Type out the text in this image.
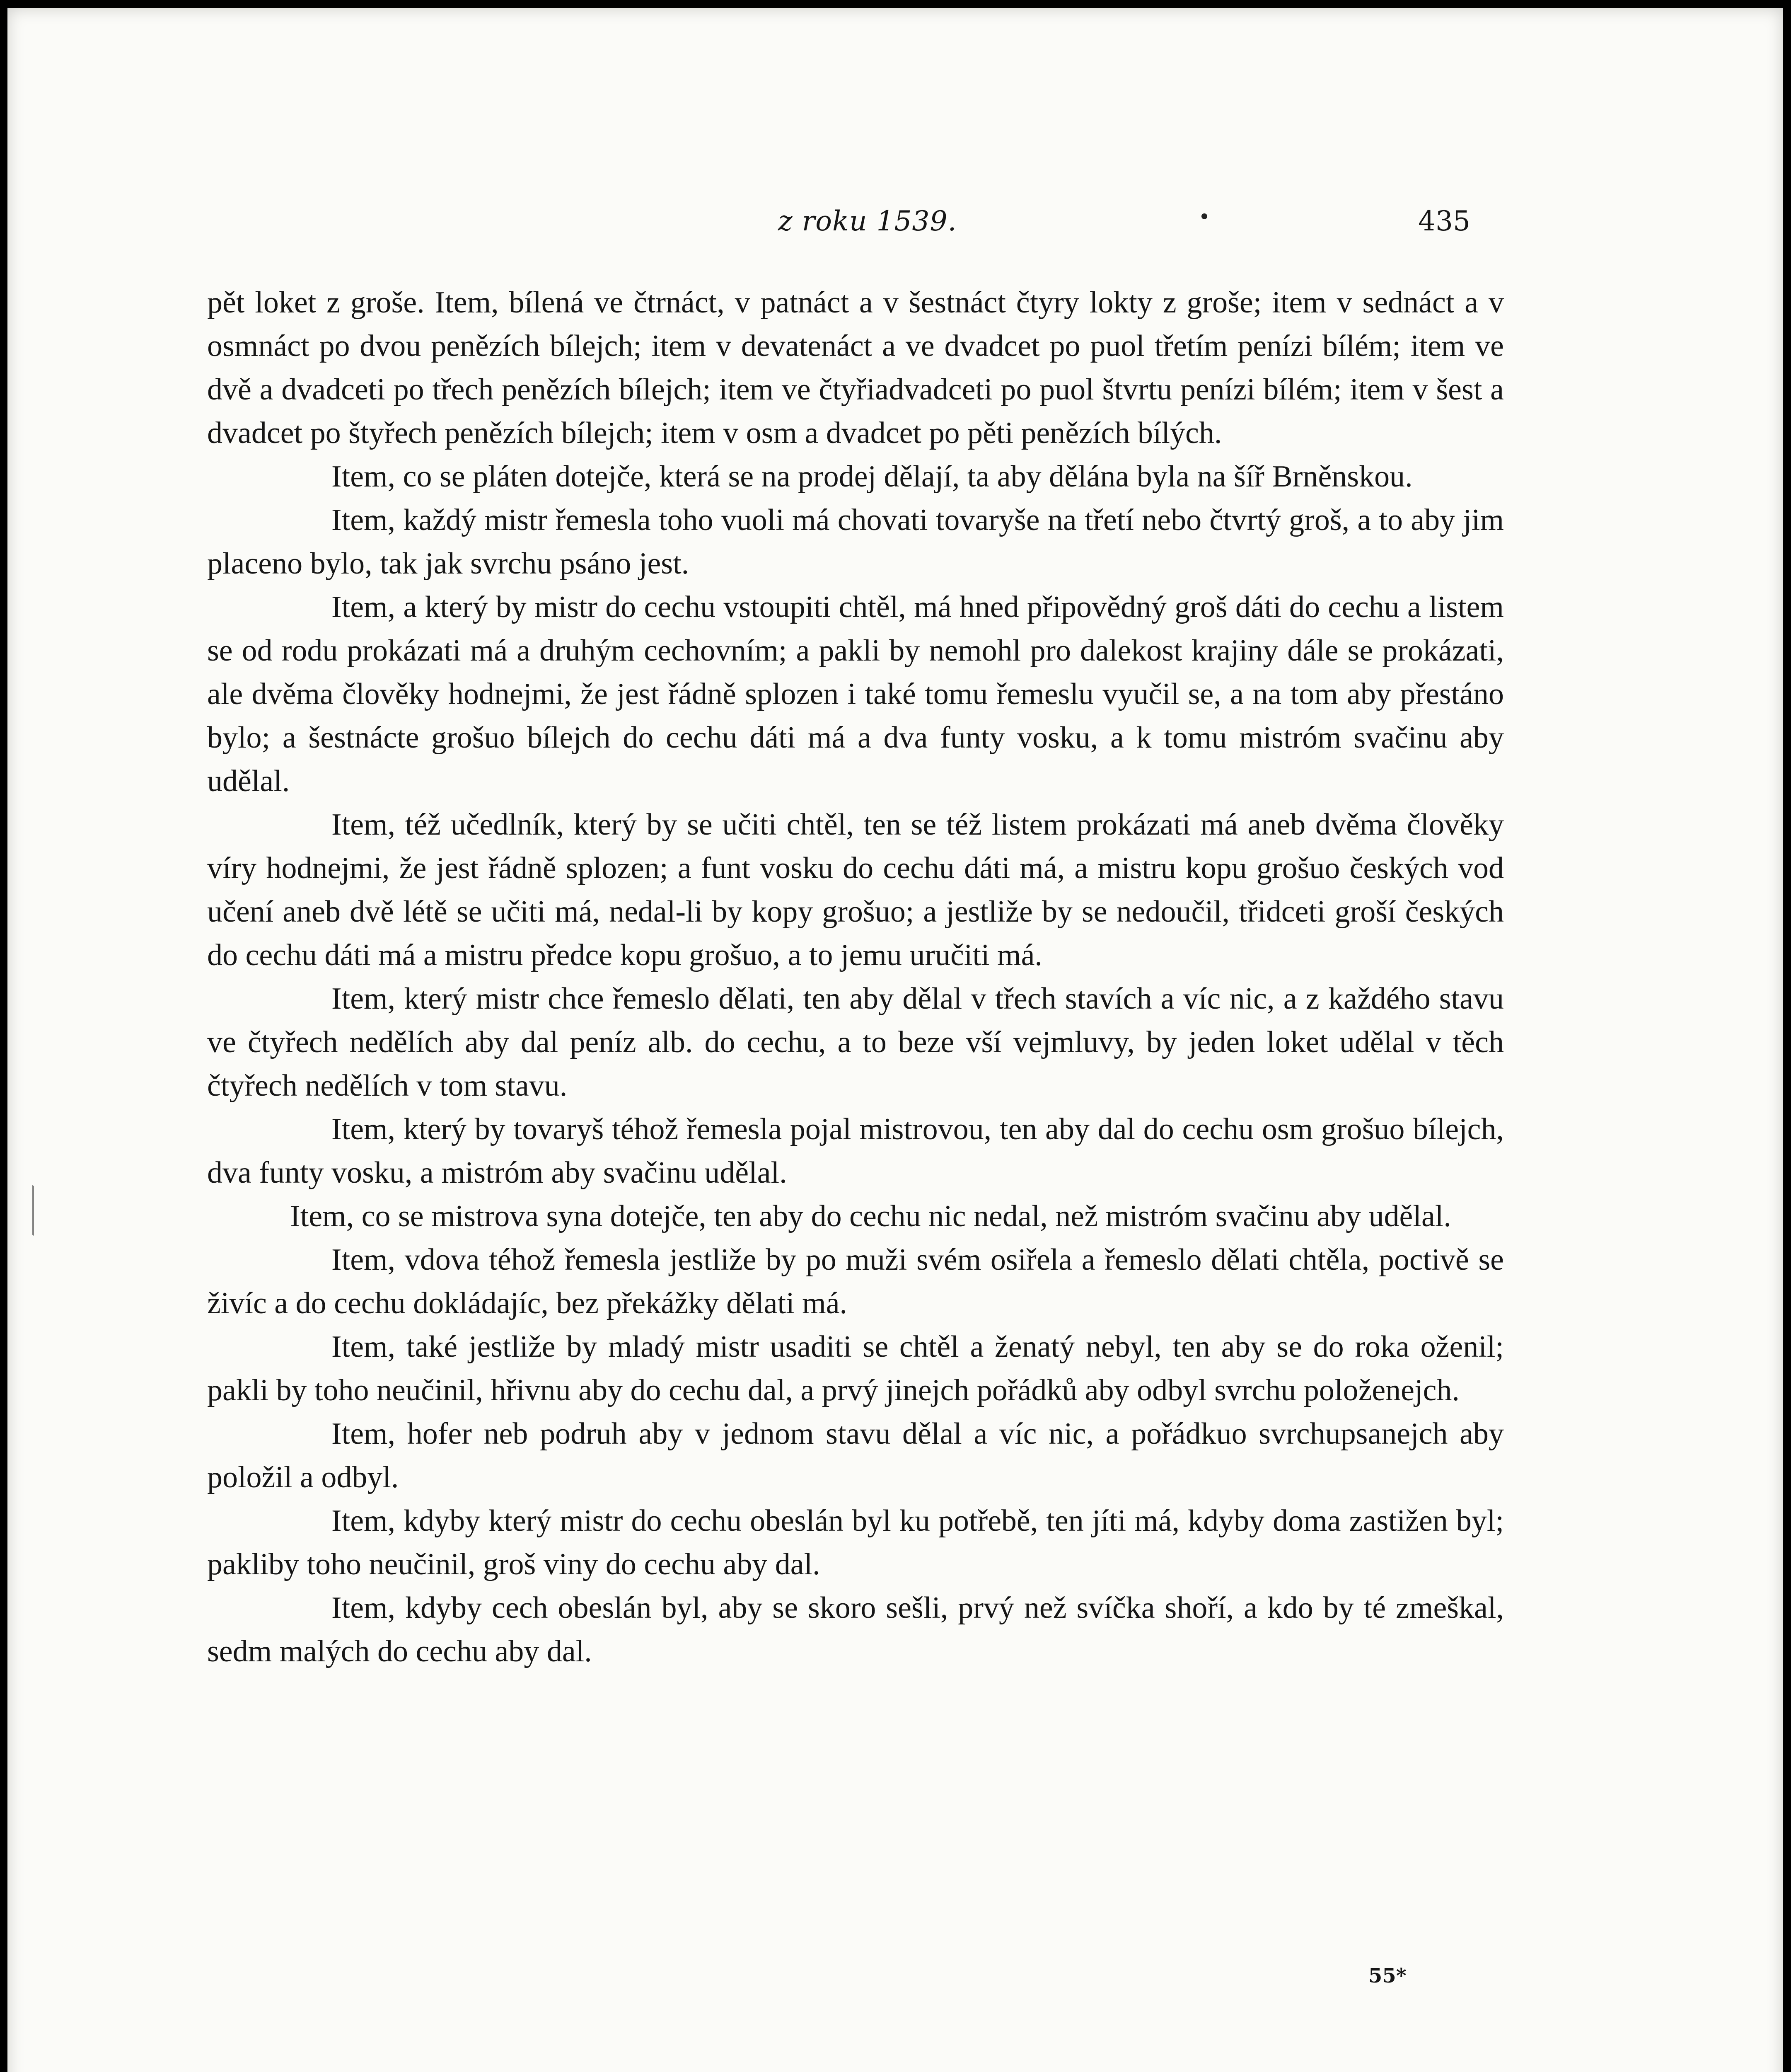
z roku 1539.	435

pět loket z groše. Item, bílená ve čtrnáct, v patnáct a v šestnáct čtyry lokty z groše; item v sednáct a v osmnáct po dvou penězích bílejch; item v devatenáct a ve dvadcet po puol třetím penízi bílém; item ve dvě a dvadceti po třech penězích bílejch; item ve čtyřiadvadceti po puol štvrtu penízi bílém; item v šest a dvadcet po štyřech penězích bílejch; item v osm a dvadcet po pěti penězích bílých.

Item, co se pláten dotejče, která se na prodej dělají, ta aby dělána byla na šíř Brněnskou.

Item, každý mistr řemesla toho vuoli má chovati tovaryše na třetí nebo čtvrtý groš, a to aby jim placeno bylo, tak jak svrchu psáno jest.

Item, a který by mistr do cechu vstoupiti chtěl, má hned připovědný groš dáti do cechu a listem se od rodu prokázati má a druhým cechovním; a pakli by nemohl pro dalekost krajiny dále se prokázati, ale dvěma člověky hodnejmi, že jest řádně splozen i také tomu řemeslu vyučil se, a na tom aby přestáno bylo; a šestnácte grošuo bílejch do cechu dáti má a dva funty vosku, a k tomu mistróm svačinu aby udělal.

Item, též učedlník, který by se učiti chtěl, ten se též listem prokázati má aneb dvěma člověky víry hodnejmi, že jest řádně splozen; a funt vosku do cechu dáti má, a mistru kopu grošuo českých vod učení aneb dvě létě se učiti má, nedal-li by kopy grošuo; a jestliže by se nedoučil, třidceti groší českých do cechu dáti má a mistru předce kopu grošuo, a to jemu uručiti má.

Item, který mistr chce řemeslo dělati, ten aby dělal v třech stavích a víc nic, a z každého stavu ve čtyřech nedělích aby dal peníz alb. do cechu, a to beze vší vejmluvy, by jeden loket udělal v těch čtyřech nedělích v tom stavu.

Item, který by tovaryš téhož řemesla pojal mistrovou, ten aby dal do cechu osm grošuo bílejch, dva funty vosku, a mistróm aby svačinu udělal.

Item, co se mistrova syna dotejče, ten aby do cechu nic nedal, než mistróm svačinu aby udělal.

Item, vdova téhož řemesla jestliže by po muži svém osiřela a řemeslo dělati chtěla, poctivě se živíc a do cechu dokládajíc, bez překážky dělati má.

Item, také jestliže by mladý mistr usaditi se chtěl a ženatý nebyl, ten aby se do roka oženil; pakli by toho neučinil, hřivnu aby do cechu dal, a prvý jinejch pořádků aby odbyl svrchu položenejch.

Item, hofer neb podruh aby v jednom stavu dělal a víc nic, a pořádkuo svrchupsanejch aby položil a odbyl.

Item, kdyby který mistr do cechu obeslán byl ku potřebě, ten jíti má, kdyby doma zastižen byl; pakliby toho neučinil, groš viny do cechu aby dal.

Item, kdyby cech obeslán byl, aby se skoro sešli, prvý než svíčka shoří, a kdo by té zmeškal, sedm malých do cechu aby dal.

55*
